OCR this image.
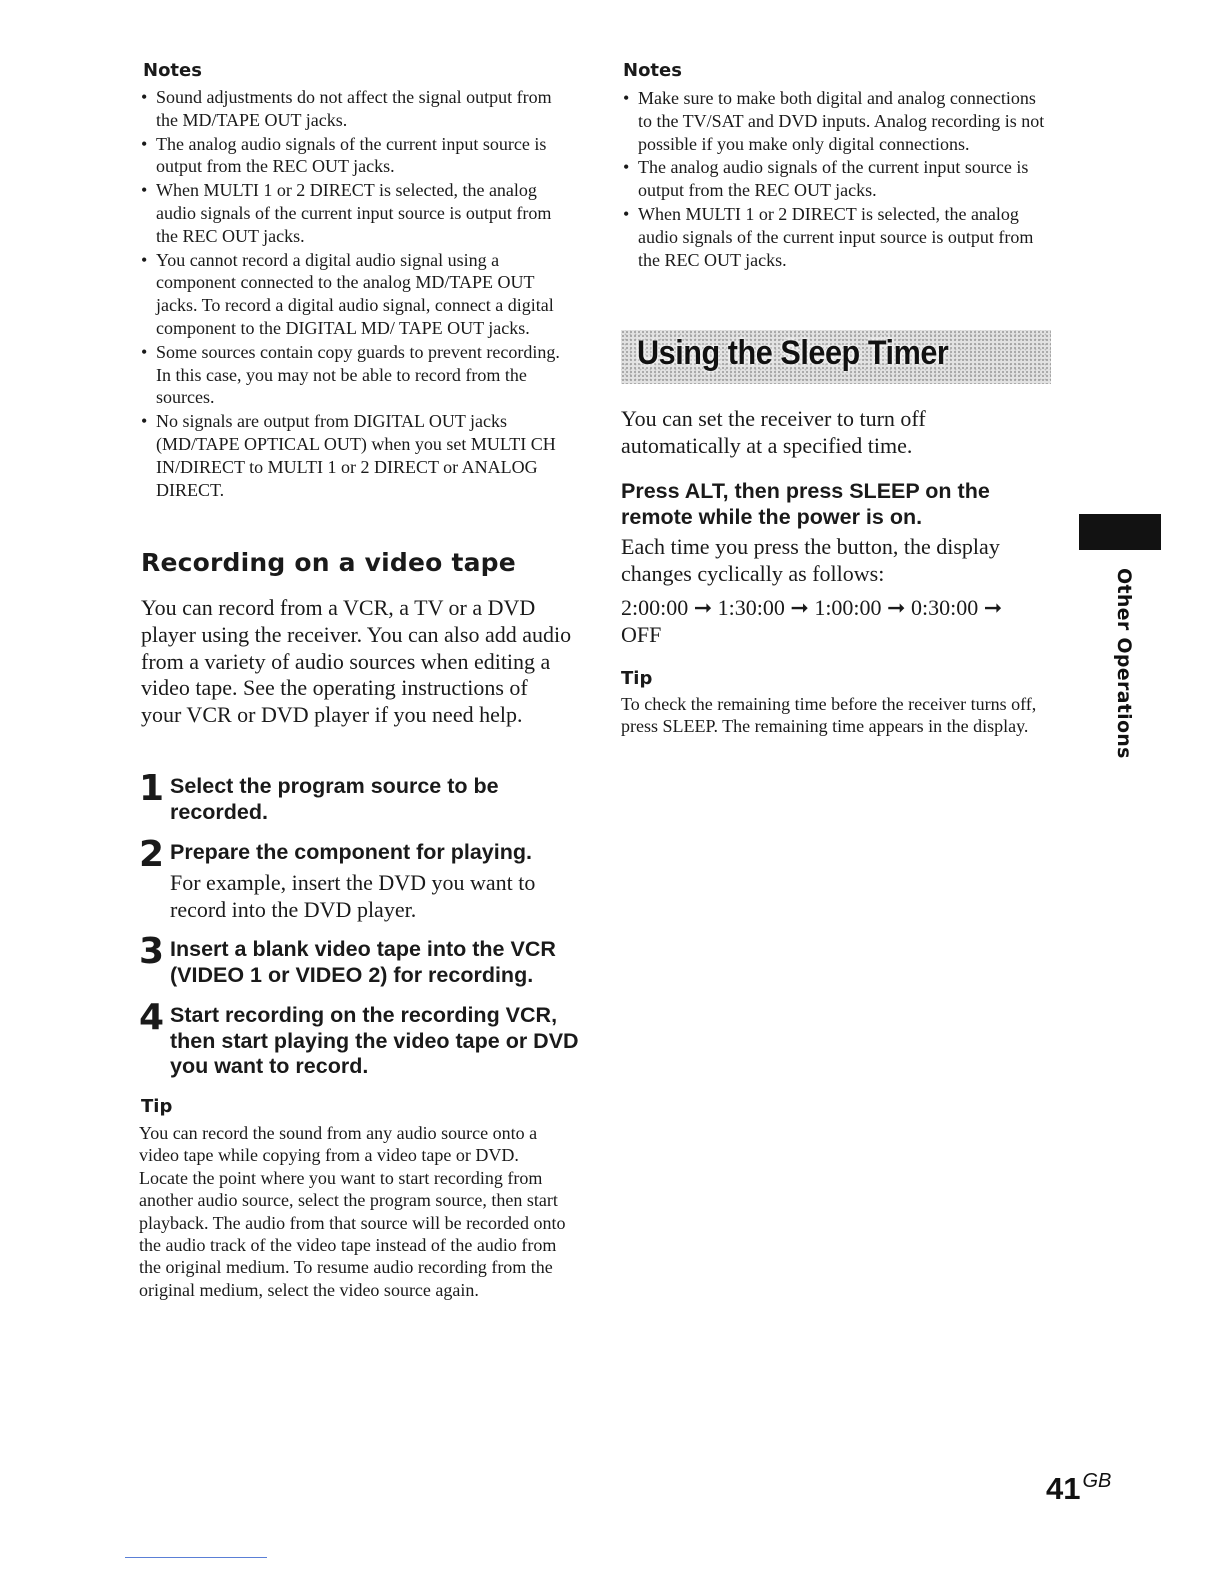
Notes
• Sound adjustments do not affect the signal output from the MD/TAPE OUT jacks.
• The analog audio signals of the current input source is output from the REC OUT jacks.
• When MULTI 1 or 2 DIRECT is selected, the analog audio signals of the current input source is output from the REC OUT jacks.
• You cannot record a digital audio signal using a component connected to the analog MD/TAPE OUT jacks. To record a digital audio signal, connect a digital component to the DIGITAL MD/ TAPE OUT jacks.
• Some sources contain copy guards to prevent recording. In this case, you may not be able to record from the sources.
• No signals are output from DIGITAL OUT jacks (MD/TAPE OPTICAL OUT) when you set MULTI CH IN/DIRECT to MULTI 1 or 2 DIRECT or ANALOG DIRECT.
Recording on a video tape

You can record from a VCR, a TV or a DVD player using the receiver. You can also add audio from a variety of audio sources when editing a video tape. See the operating instructions of your VCR or DVD player if you need help.

1 Select the program source to be recorded.

2 Prepare the component for playing.

For example, insert the DVD you want to record into the DVD player.

3 Insert a blank video tape into the VCR (VIDEO 1 or VIDEO 2) for recording.

4 Start recording on the recording VCR, then start playing the video tape or DVD you want to record.

Tip

You can record the sound from any audio source onto a video tape while copying from a video tape or DVD. Locate the point where you want to start recording from another audio source, select the program source, then start playback. The audio from that source will be recorded onto the audio track of the video tape instead of the audio from the original medium. To resume audio recording from the original medium, select the video source again.

Notes
• Make sure to make both digital and analog connections to the TV/SAT and DVD inputs. Analog recording is not possible if you make only digital connections.
• The analog audio signals of the current input source is output from the REC OUT jacks.
• When MULTI 1 or 2 DIRECT is selected, the analog audio signals of the current input source is output from the REC OUT jacks.
Using the Sleep Timer

You can set the receiver to turn off automatically at a specified time.

Press ALT, then press SLEEP on the remote while the power is on.

Each time you press the button, the display changes cyclically as follows:

2:00:00 ➞ 1:30:00 ➞ 1:00:00 ➞ 0:30:00 ➞ OFF

Tip

To check the remaining time before the receiver turns off, press SLEEP. The remaining time appears in the display.	Other Operations

41 $^{GB}$
